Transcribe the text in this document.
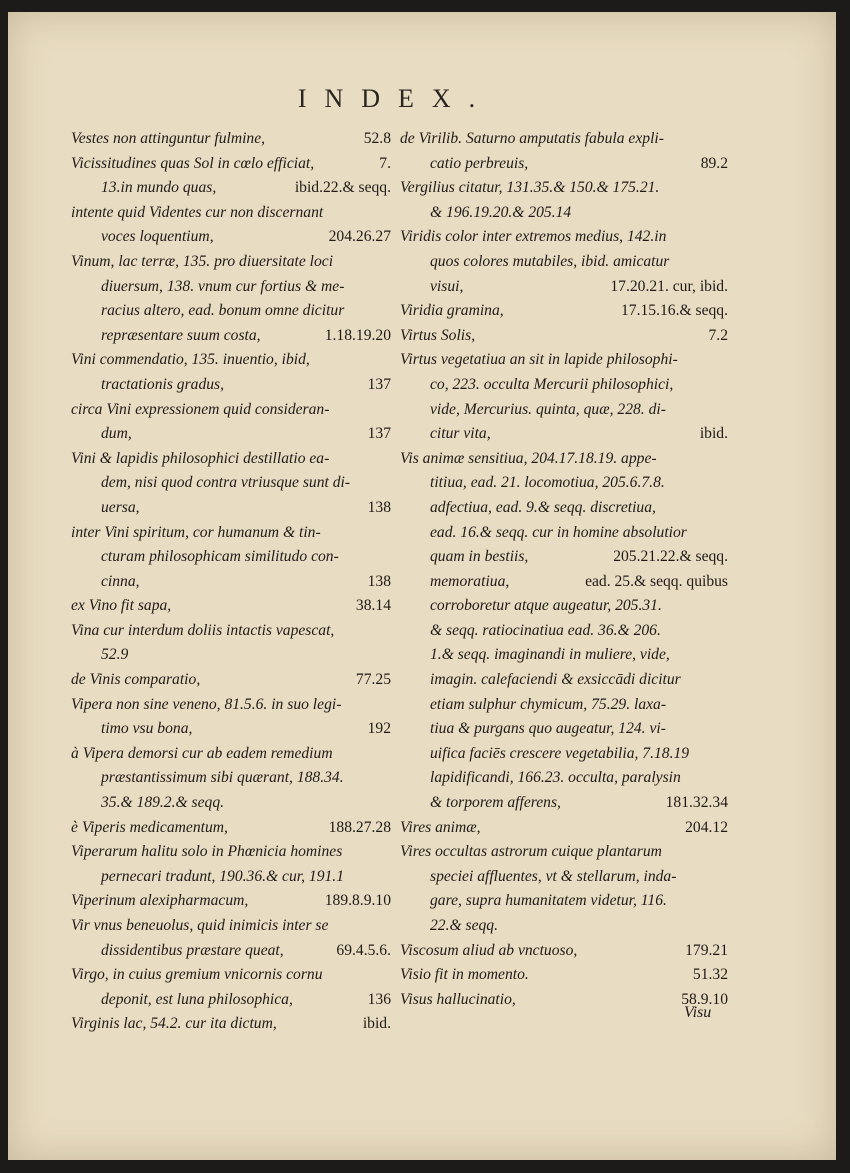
INDEX.
Vestes non attinguntur fulmine,	52.8
Vicissitudines quas Sol in cœlo efficiat,	7.
13.in mundo quas,	ibid.22.& seqq.
intente quid Videntes cur non discernant
voces loquentium,	204.26.27
Vinum, lac terræ, 135. pro diuersitate loci
diuersum, 138. vnum cur fortius & me-
racius altero, ead. bonum omne dicitur
repræsentare suum costa,	1.18.19.20
Vini commendatio, 135. inuentio, ibid,
tractationis gradus,	137
circa Vini expressionem quid consideran-
dum,	137
Vini & lapidis philosophici destillatio ea-
dem, nisi quod contra vtriusque sunt di-
uersa,	138
inter Vini spiritum, cor humanum & tin-
cturam philosophicam similitudo con-
cinna,	138
ex Vino fit sapa,	38.14
Vina cur interdum doliis intactis vapescat,
52.9
de Vinis comparatio,	77.25
Vipera non sine veneno, 81.5.6. in suo legi-
timo vsu bona,	192
à Vipera demorsi cur ab eadem remedium
præstantissimum sibi quærant, 188.34.
35.& 189.2.& seqq.
è Viperis medicamentum,	188.27.28
Viperarum halitu solo in Phœnicia homines
pernecari tradunt, 190.36.& cur, 191.1
Viperinum alexipharmacum,	189.8.9.10
Vir vnus beneuolus, quid inimicis inter se
dissidentibus præstare queat,	69.4.5.6.
Virgo, in cuius gremium vnicornis cornu
deponit, est luna philosophica,	136
Virginis lac, 54.2. cur ita dictum,	ibid.
de Virilib. Saturno amputatis fabula expli-
catio perbreuis,	89.2
Vergilius citatur, 131.35.& 150.& 175.21.
& 196.19.20.& 205.14
Viridis color inter extremos medius, 142.in
quos colores mutabiles, ibid. amicatur
visui,	17.20.21. cur, ibid.
Viridia gramina,	17.15.16.& seqq.
Virtus Solis,	7.2
Virtus vegetatiua an sit in lapide philosophi-
co, 223. occulta Mercurii philosophici,
vide, Mercurius. quinta, quæ, 228. di-
citur vita,	ibid.
Vis animæ sensitiua, 204.17.18.19. appe-
titiua, ead. 21. locomotiua, 205.6.7.8.
adfectiua, ead. 9.& seqq. discretiua,
ead. 16.& seqq. cur in homine absolutior
quam in bestiis,	205.21.22.& seqq.
memoratiua,	ead. 25.& seqq. quibus
corroboretur atque augeatur, 205.31.
& seqq. ratiocinatiua ead. 36.& 206.
1.& seqq. imaginandi in muliere, vide,
imagin. calefaciendi & exsiccādi dicitur
etiam sulphur chymicum, 75.29. laxa-
tiua & purgans quo augeatur, 124. vi-
uifica faciēs crescere vegetabilia, 7.18.19
lapidificandi, 166.23. occulta, paralysin
& torporem afferens,	181.32.34
Vires animæ,	204.12
Vires occultas astrorum cuique plantarum
speciei affluentes, vt & stellarum, inda-
gare, supra humanitatem videtur, 116.
22.& seqq.
Viscosum aliud ab vnctuoso,	179.21
Visio fit in momento.	51.32
Visus hallucinatio,	58.9.10
Visu
